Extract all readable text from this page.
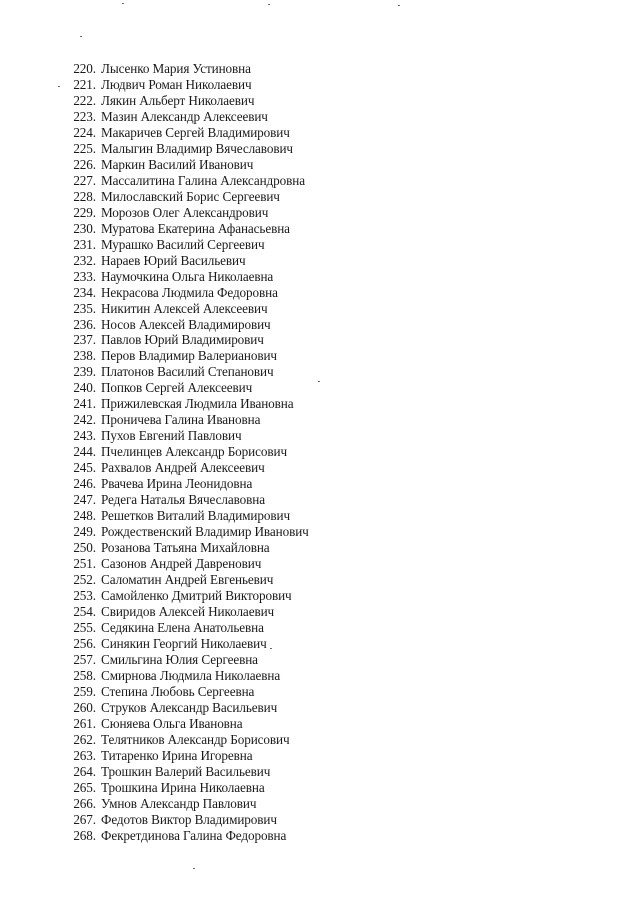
220. Лысенко Мария Устиновна
221. Людвич Роман Николаевич
222. Лякин Альберт Николаевич
223. Мазин Александр Алексеевич
224. Макаричев Сергей Владимирович
225. Малыгин Владимир Вячеславович
226. Маркин Василий Иванович
227. Массалитина Галина Александровна
228. Милославский Борис Сергеевич
229. Морозов Олег Александрович
230. Муратова Екатерина Афанасьевна
231. Мурашко Василий Сергеевич
232. Нараев Юрий Васильевич
233. Наумочкина Ольга Николаевна
234. Некрасова Людмила Федоровна
235. Никитин Алексей Алексеевич
236. Носов Алексей Владимирович
237. Павлов Юрий Владимирович
238. Перов Владимир Валерианович
239. Платонов Василий Степанович
240. Попков Сергей Алексеевич
241. Прижилевская Людмила Ивановна
242. Проничева Галина Ивановна
243. Пухов Евгений Павлович
244. Пчелинцев Александр Борисович
245. Рахвалов Андрей Алексеевич
246. Рвачева Ирина Леонидовна
247. Редега Наталья Вячеславовна
248. Решетков Виталий Владимирович
249. Рождественский Владимир Иванович
250. Розанова Татьяна Михайловна
251. Сазонов Андрей Давренович
252. Саломатин Андрей Евгеньевич
253. Самойленко Дмитрий Викторович
254. Свиридов Алексей Николаевич
255. Седякина Елена Анатольевна
256. Синякин Георгий Николаевич
257. Смильгина Юлия Сергеевна
258. Смирнова Людмила Николаевна
259. Степина Любовь Сергеевна
260. Струков Александр Васильевич
261. Сюняева Ольга Ивановна
262. Телятников Александр Борисович
263. Титаренко Ирина Игоревна
264. Трошкин Валерий Васильевич
265. Трошкина Ирина Николаевна
266. Умнов Александр Павлович
267. Федотов Виктор Владимирович
268. Фекретдинова Галина Федоровна
